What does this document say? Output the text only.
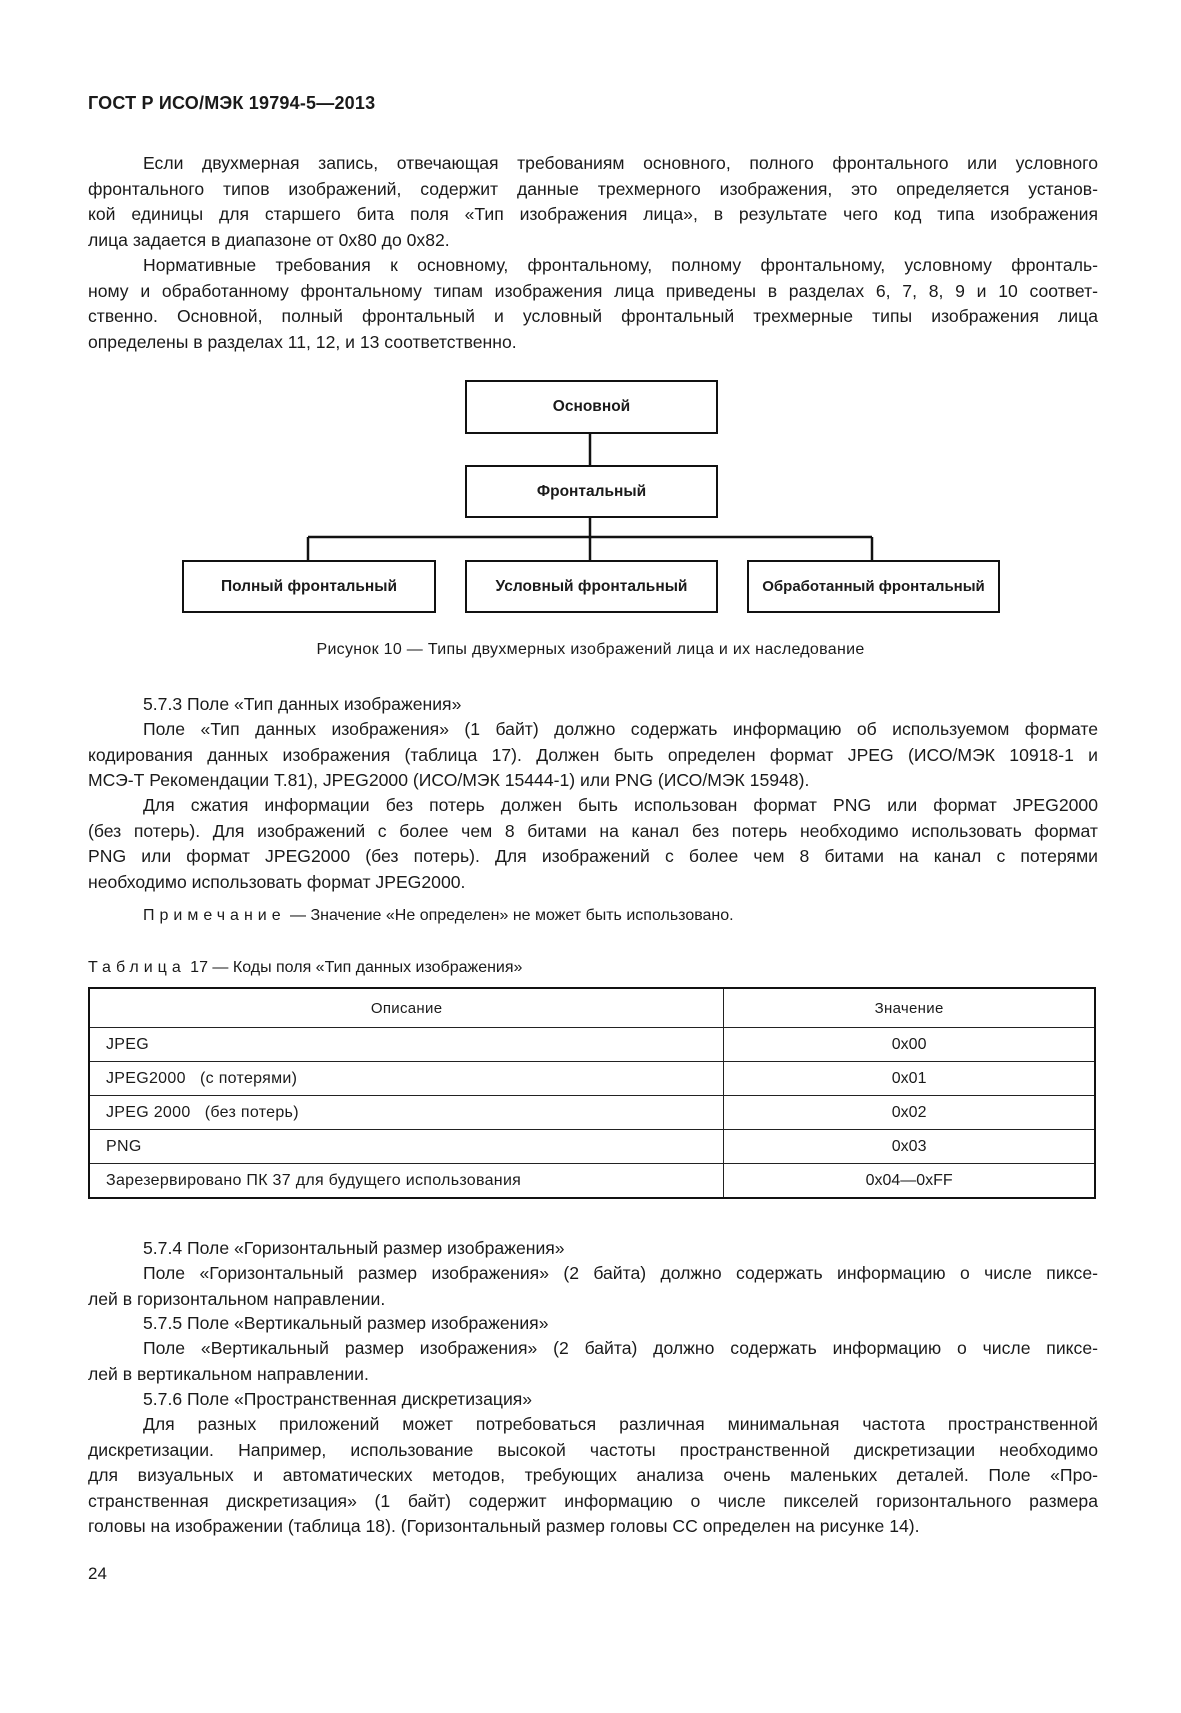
ГОСТ Р ИСО/МЭК 19794-5—2013
Если двухмерная запись, отвечающая требованиям основного, полного фронтального или условного
фронтального типов изображений, содержит данные трехмерного изображения, это определяется установ-
кой единицы для старшего бита поля «Тип изображения лица», в результате чего код типа изображения
лица задается в диапазоне от 0x80 до 0x82.
Нормативные требования к основному, фронтальному, полному фронтальному, условному фронталь-
ному и обработанному фронтальному типам изображения лица приведены в разделах 6, 7, 8, 9 и 10 соответ-
ственно. Основной, полный фронтальный и условный фронтальный трехмерные типы изображения лица
определены в разделах 11, 12, и 13 соответственно.
Основной
Фронтальный
Полный фронтальный	Условный фронтальный	Обработанный фронтальный
Рисунок 10 — Типы двухмерных изображений лица и их наследование
5.7.3 Поле «Тип данных изображения»
Поле «Тип данных изображения» (1 байт) должно содержать информацию об используемом формате
кодирования данных изображения (таблица 17). Должен быть определен формат JPEG (ИСО/МЭК 10918-1 и
МСЭ-Т Рекомендации Т.81), JPEG2000 (ИСО/МЭК 15444-1) или PNG (ИСО/МЭК 15948).
Для сжатия информации без потерь должен быть использован формат PNG или формат JPEG2000
(без потерь). Для изображений с более чем 8 битами на канал без потерь необходимо использовать формат
PNG или формат JPEG2000 (без потерь). Для изображений с более чем 8 битами на канал с потерями
необходимо использовать формат JPEG2000.
Примечание — Значение «Не определен» не может быть использовано.
Таблица 17 — Коды поля «Тип данных изображения»
Описание	Значение
JPEG	0x00
JPEG2000   (с потерями)	0x01
JPEG 2000   (без потерь)	0x02
PNG	0x03
Зарезервировано ПК 37 для будущего использования	0x04—0xFF
5.7.4 Поле «Горизонтальный размер изображения»
Поле «Горизонтальный размер изображения» (2 байта) должно содержать информацию о числе пиксе-
лей в горизонтальном направлении.
5.7.5 Поле «Вертикальный размер изображения»
Поле «Вертикальный размер изображения» (2 байта) должно содержать информацию о числе пиксе-
лей в вертикальном направлении.
5.7.6 Поле «Пространственная дискретизация»
Для разных приложений может потребоваться различная минимальная частота пространственной
дискретизации. Например, использование высокой частоты пространственной дискретизации необходимо
для визуальных и автоматических методов, требующих анализа очень маленьких деталей. Поле «Про-
странственная дискретизация» (1 байт) содержит информацию о числе пикселей горизонтального размера
головы на изображении (таблица 18). (Горизонтальный размер головы CC определен на рисунке 14).
24
